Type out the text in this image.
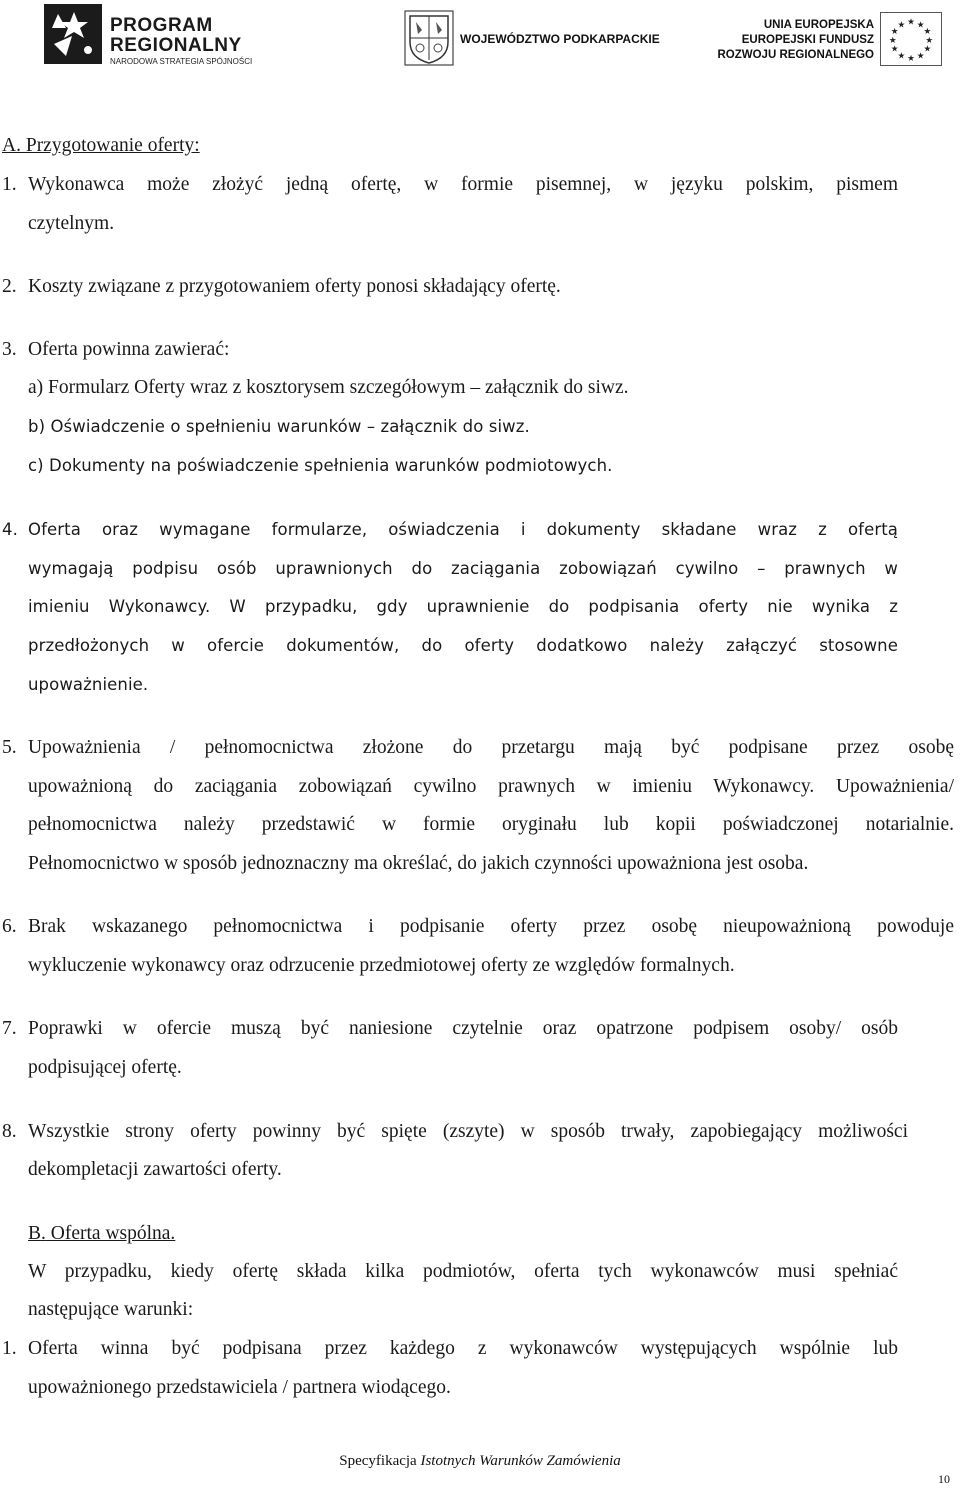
PROGRAM
REGIONALNY
NARODOWA STRATEGIA SPÓJNOŚCI
WOJEWÓDZTWO PODKARPACKIE
UNIA EUROPEJSKA
EUROPEJSKI FUNDUSZ
ROZWOJU REGIONALNEGO
★ ★
★
★
★
★
★
★
★
★
★
★
A. Przygotowanie oferty:
1. Wykonawca może złożyć jedną ofertę, w formie pisemnej, w języku polskim, pismem
czytelnym.
2. Koszty związane z przygotowaniem oferty ponosi składający ofertę.
3. Oferta powinna zawierać:
a) Formularz Oferty wraz z kosztorysem szczegółowym – załącznik do siwz.
b) Oświadczenie o spełnieniu warunków – załącznik do siwz.
c) Dokumenty na poświadczenie spełnienia warunków podmiotowych.
4. Oferta oraz wymagane formularze, oświadczenia i dokumenty składane wraz z ofertą
wymagają podpisu osób uprawnionych do zaciągania zobowiązań cywilno – prawnych w
imieniu Wykonawcy. W przypadku, gdy uprawnienie do podpisania oferty nie wynika z
przedłożonych w ofercie dokumentów, do oferty dodatkowo należy załączyć stosowne
upoważnienie.
5. Upoważnienia / pełnomocnictwa złożone do przetargu mają być podpisane przez osobę
upoważnioną do zaciągania zobowiązań cywilno prawnych w imieniu Wykonawcy. Upoważnienia/
pełnomocnictwa należy przedstawić w formie oryginału lub kopii poświadczonej notarialnie.
Pełnomocnictwo w sposób jednoznaczny ma określać, do jakich czynności upoważniona jest osoba.
6. Brak wskazanego pełnomocnictwa i podpisanie oferty przez osobę nieupoważnioną powoduje
wykluczenie wykonawcy oraz odrzucenie przedmiotowej oferty ze względów formalnych.
7. Poprawki w ofercie muszą być naniesione czytelnie oraz opatrzone podpisem osoby/ osób
podpisującej ofertę.
8. Wszystkie strony oferty powinny być spięte (zszyte) w sposób trwały, zapobiegający możliwości
dekompletacji zawartości oferty.
B. Oferta wspólna.
W przypadku, kiedy ofertę składa kilka podmiotów, oferta tych wykonawców musi spełniać
następujące warunki:
1. Oferta winna być podpisana przez każdego z wykonawców występujących wspólnie lub
upoważnionego przedstawiciela / partnera wiodącego.
Specyfikacja Istotnych Warunków Zamówienia
10
